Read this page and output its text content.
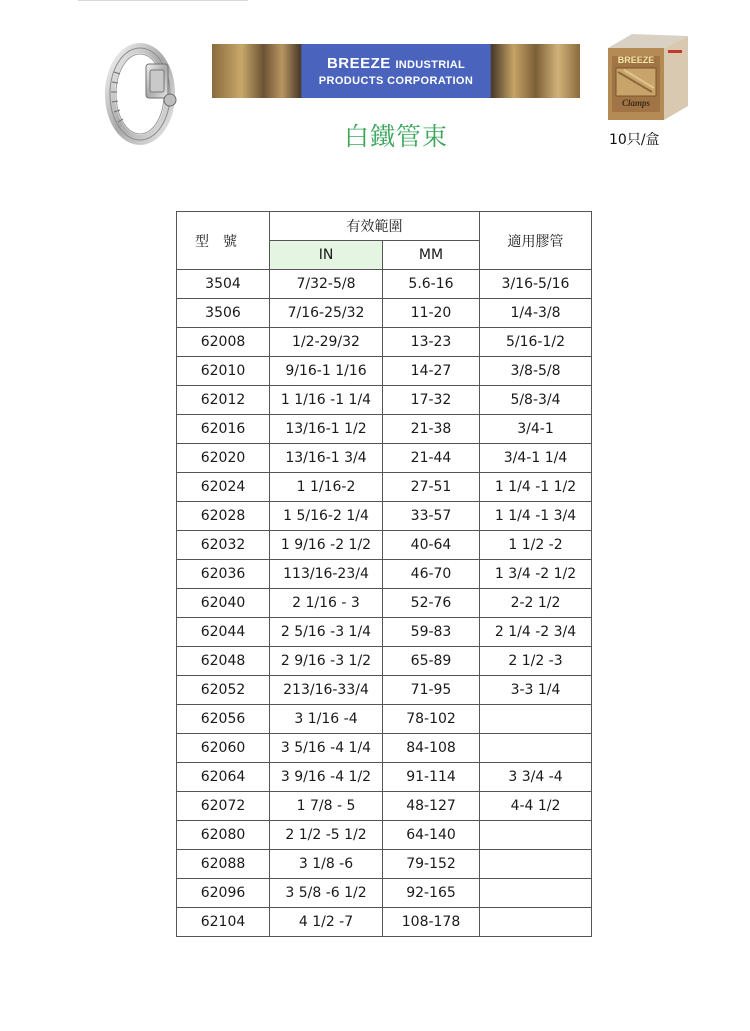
BREEZE INDUSTRIAL
PRODUCTS CORPORATION
白鐵管束
BREEZE
Clamps
10只/盒
型號	有效範圍		適用膠管
	IN	MM	
3504	7/32-5/8	5.6-16	3/16-5/16
3506	7/16-25/32	11-20	1/4-3/8
62008	1/2-29/32	13-23	5/16-1/2
62010	9/16-1 1/16	14-27	3/8-5/8
62012	1 1/16 -1 1/4	17-32	5/8-3/4
62016	13/16-1 1/2	21-38	3/4-1
62020	13/16-1 3/4	21-44	3/4-1 1/4
62024	1 1/16-2	27-51	1 1/4 -1 1/2
62028	1 5/16-2 1/4	33-57	1 1/4 -1 3/4
62032	1 9/16 -2 1/2	40-64	1 1/2 -2
62036	113/16-23/4	46-70	1 3/4 -2 1/2
62040	2 1/16 - 3	52-76	2-2 1/2
62044	2 5/16 -3 1/4	59-83	2 1/4 -2 3/4
62048	2 9/16 -3 1/2	65-89	2 1/2 -3
62052	213/16-33/4	71-95	3-3 1/4
62056	3 1/16 -4	78-102	
62060	3 5/16 -4 1/4	84-108	
62064	3 9/16 -4 1/2	91-114	3 3/4 -4
62072	1 7/8 - 5	48-127	4-4 1/2
62080	2 1/2 -5 1/2	64-140	
62088	3 1/8 -6	79-152	
62096	3 5/8 -6 1/2	92-165	
62104	4 1/2 -7	108-178	
